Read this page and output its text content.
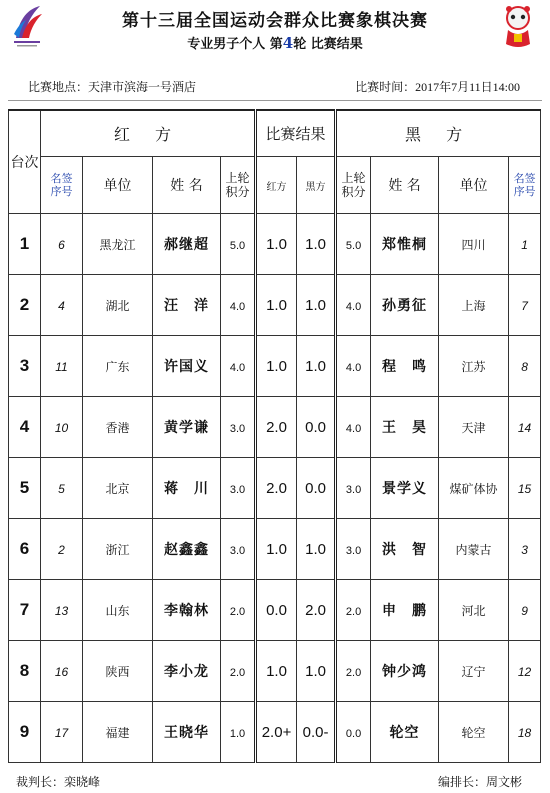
第十三届全国运动会群众比赛象棋决赛
专业男子个人 第4轮 比赛结果
比赛地点：天津市滨海一号酒店	比赛时间：2017年7月11日14:00
台次	红 方				比赛结果		黑 方			

	名签序号	单位	姓 名	上轮积分	红方	黑方	上轮积分	姓 名	单位	名签序号

1	6	黑龙江	郝继超	5.0	1.0	1.0	5.0	郑惟桐	四川	1
2	4	湖北	汪　洋	4.0	1.0	1.0	4.0	孙勇征	上海	7
3	11	广东	许国义	4.0	1.0	1.0	4.0	程　鸣	江苏	8
4	10	香港	黄学谦	3.0	2.0	0.0	4.0	王　昊	天津	14
5	5	北京	蒋　川	3.0	2.0	0.0	3.0	景学义	煤矿体协	15
6	2	浙江	赵鑫鑫	3.0	1.0	1.0	3.0	洪　智	内蒙古	3
7	13	山东	李翰林	2.0	0.0	2.0	2.0	申　鹏	河北	9
8	16	陕西	李小龙	2.0	1.0	1.0	2.0	钟少鸿	辽宁	12
9	17	福建	王晓华	1.0	2.0+	0.0-	0.0	轮空	轮空	18
裁判长：栾晓峰	编排长：周文彬
